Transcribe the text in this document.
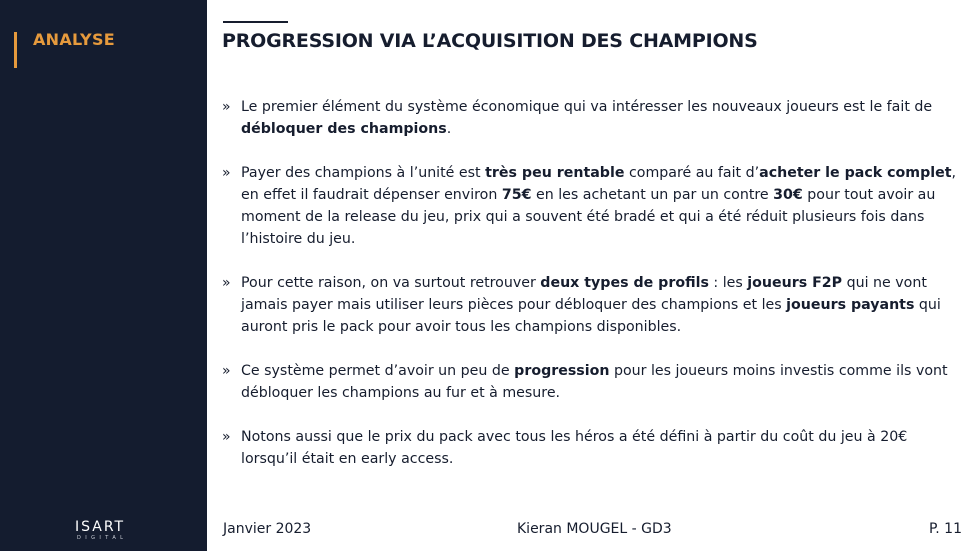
ANALYSE
ISART
DIGITAL
PROGRESSION VIA L’ACQUISITION DES CHAMPIONS
» Le premier élément du système économique qui va intéresser les nouveaux joueurs est le fait de débloquer des champions.
» Payer des champions à l’unité est très peu rentable comparé au fait d’acheter le pack complet, en effet il faudrait dépenser environ 75€ en les achetant un par un contre 30€ pour tout avoir au moment de la release du jeu, prix qui a souvent été bradé et qui a été réduit plusieurs fois dans l’histoire du jeu.
» Pour cette raison, on va surtout retrouver deux types de profils : les joueurs F2P qui ne vont jamais payer mais utiliser leurs pièces pour débloquer des champions et les joueurs payants qui auront pris le pack pour avoir tous les champions disponibles.
» Ce système permet d’avoir un peu de progression pour les joueurs moins investis comme ils vont débloquer les champions au fur et à mesure.
» Notons aussi que le prix du pack avec tous les héros a été défini à partir du coût du jeu à 20€ lorsqu’il était en early access.
Janvier 2023	Kieran MOUGEL - GD3	P. 11
